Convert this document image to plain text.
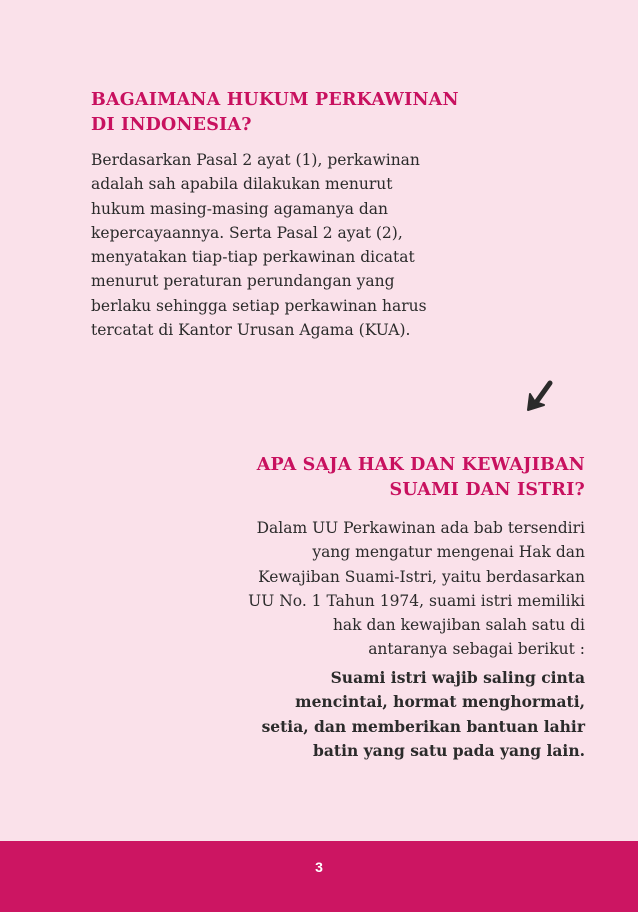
BAGAIMANA HUKUM PERKAWINAN
DI INDONESIA?

Berdasarkan Pasal 2 ayat (1), perkawinan
adalah sah apabila dilakukan menurut
hukum masing-masing agamanya dan
kepercayaannya. Serta Pasal 2 ayat (2),
menyatakan tiap-tiap perkawinan dicatat
menurut peraturan perundangan yang
berlaku sehingga setiap perkawinan harus
tercatat di Kantor Urusan Agama (KUA).

APA SAJA HAK DAN KEWAJIBAN
SUAMI DAN ISTRI?

Dalam UU Perkawinan ada bab tersendiri
yang mengatur mengenai Hak dan
Kewajiban Suami-Istri, yaitu berdasarkan
UU No. 1 Tahun 1974, suami istri memiliki
hak dan kewajiban salah satu di
antaranya sebagai berikut :

Suami istri wajib saling cinta
mencintai, hormat menghormati,
setia, dan memberikan bantuan lahir
batin yang satu pada yang lain.

3
